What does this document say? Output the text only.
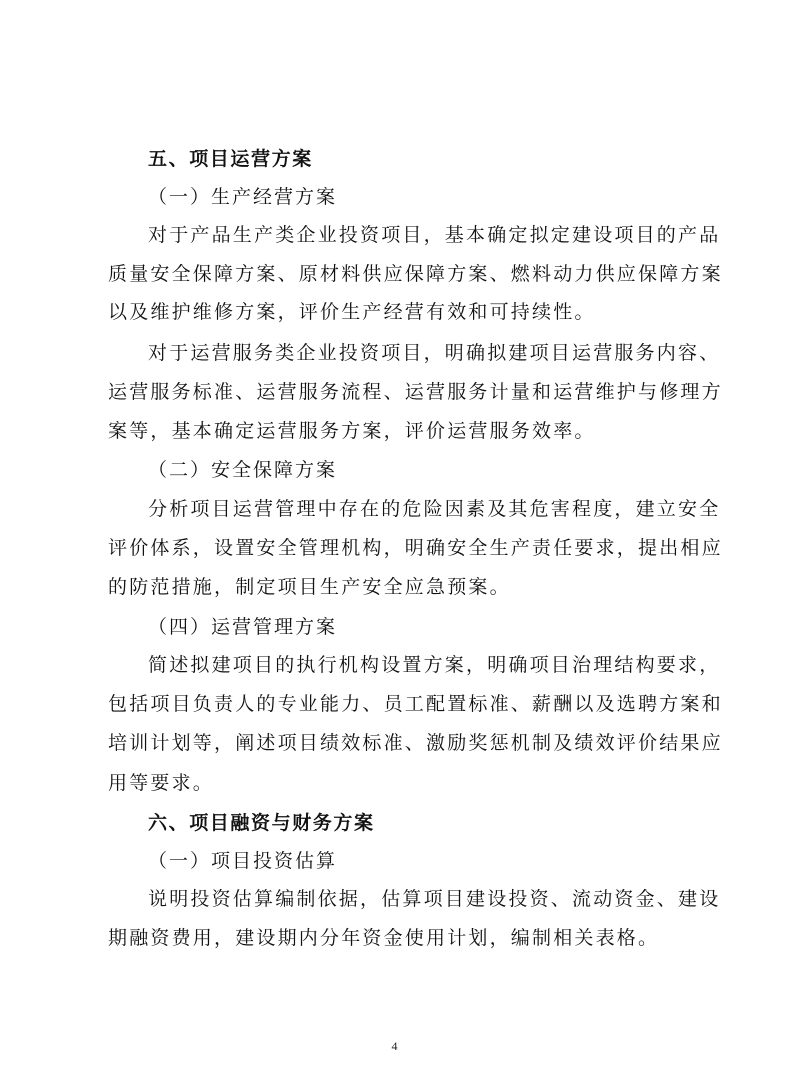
五、项目运营方案
（一）生产经营方案
对于产品生产类企业投资项目，基本确定拟定建设项目的产品
质量安全保障方案、原材料供应保障方案、燃料动力供应保障方案
以及维护维修方案，评价生产经营有效和可持续性。
对于运营服务类企业投资项目，明确拟建项目运营服务内容、
运营服务标准、运营服务流程、运营服务计量和运营维护与修理方
案等，基本确定运营服务方案，评价运营服务效率。
（二）安全保障方案
分析项目运营管理中存在的危险因素及其危害程度，建立安全
评价体系，设置安全管理机构，明确安全生产责任要求，提出相应
的防范措施，制定项目生产安全应急预案。
（四）运营管理方案
简述拟建项目的执行机构设置方案，明确项目治理结构要求，
包括项目负责人的专业能力、员工配置标准、薪酬以及选聘方案和
培训计划等，阐述项目绩效标准、激励奖惩机制及绩效评价结果应
用等要求。
六、项目融资与财务方案
（一）项目投资估算
说明投资估算编制依据，估算项目建设投资、流动资金、建设
期融资费用，建设期内分年资金使用计划，编制相关表格。
4
